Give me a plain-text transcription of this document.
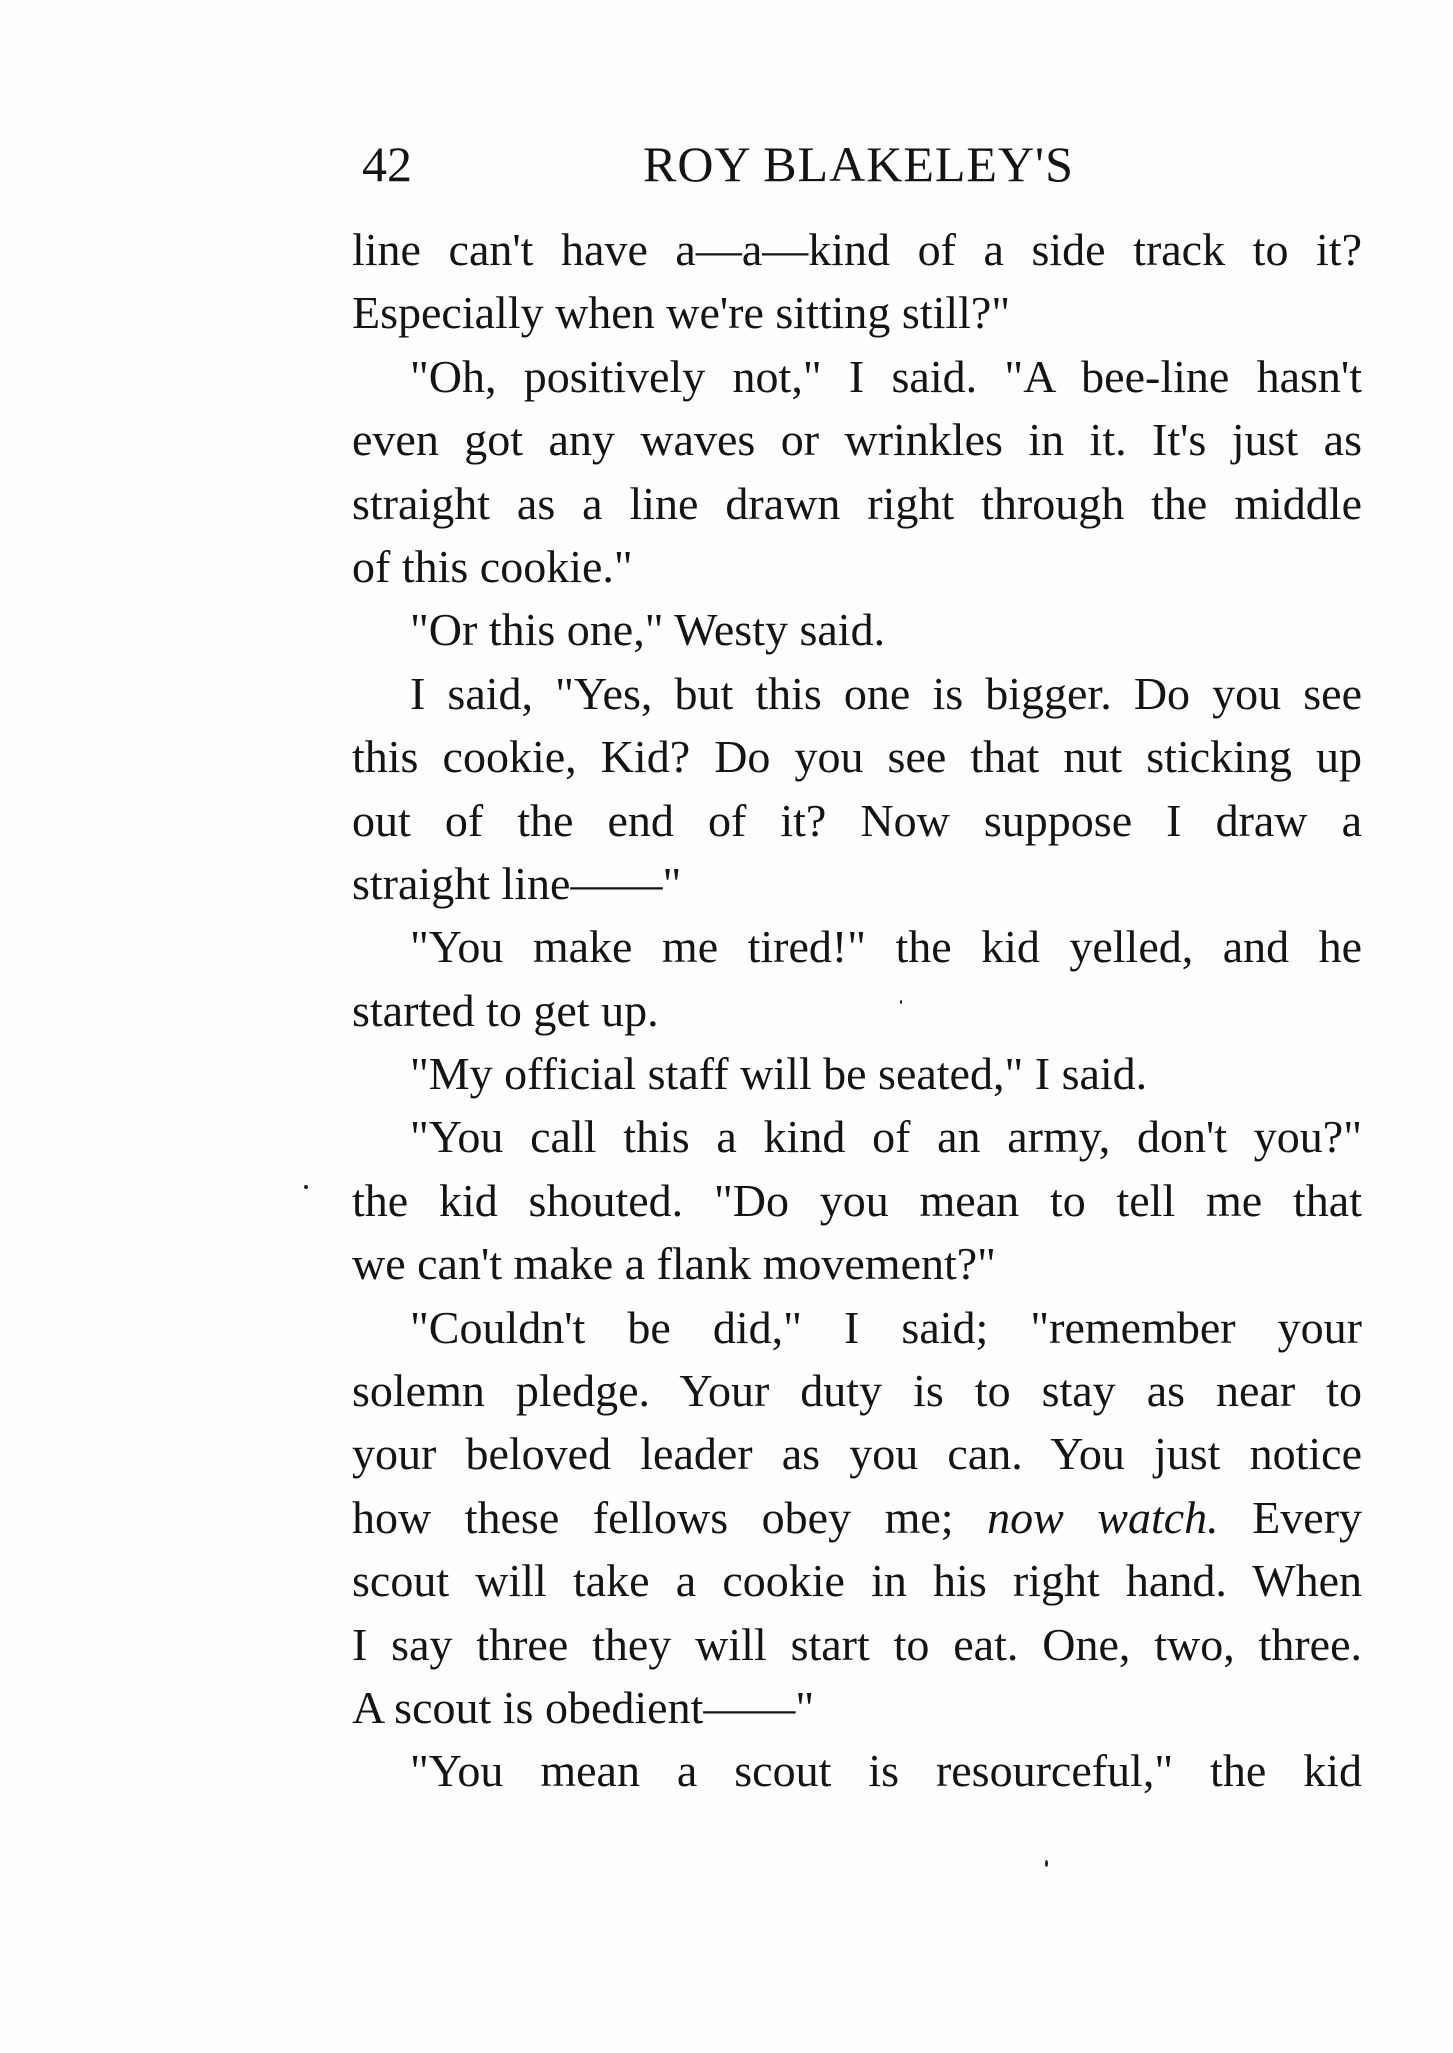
42	ROY BLAKELEY'S
line can't have a—a—kind of a side track to it?
Especially when we're sitting still?"
"Oh, positively not," I said. "A bee-line hasn't
even got any waves or wrinkles in it. It's just as
straight as a line drawn right through the middle
of this cookie."
"Or this one," Westy said.
I said, "Yes, but this one is bigger. Do you see
this cookie, Kid? Do you see that nut sticking up
out of the end of it? Now suppose I draw a
straight line——"
"You make me tired!" the kid yelled, and he
started to get up.
"My official staff will be seated," I said.
"You call this a kind of an army, don't you?"
the kid shouted. "Do you mean to tell me that
we can't make a flank movement?"
"Couldn't be did," I said; "remember your
solemn pledge. Your duty is to stay as near to
your beloved leader as you can. You just notice
how these fellows obey me; now watch. Every
scout will take a cookie in his right hand. When
I say three they will start to eat. One, two, three.
A scout is obedient——"
"You mean a scout is resourceful," the kid
